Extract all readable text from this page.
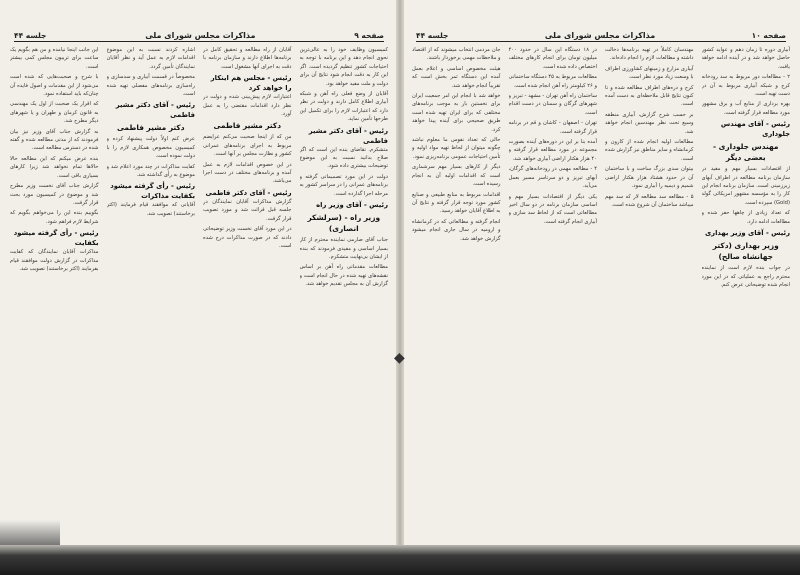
صفحه ۹
مذاکرات مجلس شورای ملی
جلسه ۴۴
کمیسیون وظایف خود را به عالی‌ترین نحوی انجام دهد و این برنامه با توجه به احتیاجات کشور تنظیم گردیده است. اگر این کار به دقت انجام شود نتایج آن برای دولت و ملت مفید خواهد بود.
آقایان از وضع فعلی راه آهن و شبکه آبیاری اطلاع کامل دارند و دولت در نظر دارد که اعتبارات لازم را برای تکمیل این طرحها تأمین نماید.
رئیس - آقای دکتر مشیر فاطمی
متشکرم. تقاضای بنده این است که اگر صلاح بدانید نسبت به این موضوع توضیحات بیشتری داده شود.
دولت در این مورد تصمیماتی گرفته و برنامه‌های عمرانی را در سراسر کشور به مرحله اجرا گذارده است.
رئیس - آقای وزیر راه
وزیر راه - (سرلشکر انصاری)
جناب آقای صارمی نماینده محترم از کار بسیار اساسی و مفیدی فرمودند که بنده از ایشان بی‌نهایت متشکرم.
مطالعات مقدماتی راه آهن بر اساس نقشه‌های تهیه شده در حال انجام است و گزارش آن به مجلس تقدیم خواهد شد.
آقایان از راه مطالعه و تحقیق کامل در برنامه‌ها اطلاع دارند و سازمان برنامه با دقت به اجرای آنها مشغول است.
رئیس - مجلس هم اینکار را خواهد کرد
اعتبارات لازم پیش‌بینی شده و دولت در نظر دارد اقدامات مقتضی را به عمل آورد.
دکتر مشیر فاطمی
من که از اینجا صحبت می‌کنم عرایضم مربوط به اجرای برنامه‌های عمرانی کشور و نظارت مجلس بر آنها است.
در این خصوص اقدامات لازم به عمل آمده و برنامه‌های مختلف در دست اجرا می‌باشد.
رئیس - آقای دکتر فاطمی
گزارش مذاکرات آقایان نمایندگان در جلسه قبل قرائت شد و مورد تصویب قرار گرفت.
در این مورد آقای نخست وزیر توضیحاتی دادند که در صورت مذاکرات درج شده است.
اشاره کردند نسبت به این موضوع اقدامات لازم به عمل آید و نظر آقایان نمایندگان تأمین گردد.
مخصوصاً در قسمت آبیاری و سدسازی و راه‌سازی برنامه‌های مفصلی تهیه شده است.
رئیس - آقای دکتر مشیر فاطمی
دکتر مشیر فاطمی
عرض کنم اولاً دولت پیشنهاد کرده و کمیسیون مخصوص همکاری لازم را با دولت نموده است.
کفایت مذاکرات در چند مورد اعلام شد و موضوع به رأی گذاشته شد.
رئیس - رأی گرفته میشود بکفایت مذاکرات
آقایانی که موافقند قیام فرمایند (اکثر برخاستند) تصویب شد.
این جانب اینجا نیامده و من هم بگویم یک ساعت برای تریبون مجلس کمی بیشتر است.
با شرح و صحبت‌هایی که شده است می‌شود از این مقدمات و اصول فایده آن چنان‌که باید استفاده نمود.
که اقرار یک صحبت از اول یک مهندسی به قانون کرمان و طهران و یا شهرهای دیگر مطرح شد.
به گزارش جناب آقای وزیر نیز بیان فرمودند که از مدتی مطالعه شده و گفته شده در دسترس مطالعه است.
بنده عرض میکنم که این مطالعه حالا حالاها تمام نخواهد شد زیرا کارهای بسیاری باقی است.
گزارش جناب آقای نخست وزیر مطرح شد و موضوع در کمیسیون مورد بحث قرار گرفت.
بگوییم بنده این را می‌خواهم بگویم که شرایط لازم فراهم شود.
رئیس - رأی گرفته میشود بکفایت
مذاکرات آقایان نمایندگان که کفایت مذاکرات در گزارش دولت موافقند قیام بفرمایند (اکثر برخاستند) تصویب شد.
◆
صفحه ۱۰
مذاکرات مجلس شورای ملی
جلسه ۴۴
آبیاری دوره تا زمان دهم و عواید کشور حاصل خواهد شد و در آینده ادامه خواهد یافت.
۲ - مطالعات دور مربوط به سد رودخانه کرج و شبکه آبیاری مربوط به آن در دست تهیه است.
بهره برداری از منابع آب و برق مشهور مورد مطالعه قرار گرفته است.
رئیس - آقای مهندس جلوداری
مهندس جلوداری - بعضی دیگر
از اقتصادات بسیار مهم و مفید در سازمان برنامه مطالعه در اطراف آبهای زیرزمینی است. سازمان برنامه انجام این کار را به مؤسسه مشهور امریکائی گولد (Gold) سپرده است.
که تعداد زیادی از چاهها حفر شده و مطالعات ادامه دارد.
رئیس - آقای وزیر بهداری
وزیر بهداری (دکتر جهانشاه صالح)
در جواب بنده لازم است از نماینده محترم راجع به عملیاتی که در این مورد انجام شده توضیحاتی عرض کنم.
مهندسان کاملاً در تهیه برنامه‌ها دخالت داشته و مطالعات لازم را انجام داده‌اند.
آبیاری مزارع و زمینهای کشاورزی اطراف با وسعت زیاد مورد نظر است.
کرج و دره‌های اطراف مطالعه شده و تا کنون نتایج قابل ملاحظه‌ای به دست آمده است.
بر حسب شرح گزارش، آبیاری منطقه وسیع تحت نظر مهندسین انجام خواهد شد.
مطالعات اولیه انجام شده از کارون و کرمانشاه و سایر مناطق نیز گزارش شده است.
بیتوان سدی بزرگ ساخت و با ساختمان آن در حدود هشتاد هزار هکتار اراضی شمیم و دیمیه را آبیاری نمود.
۵ - مطالعه سد مطالعه لار که سد مهم میباشد ساختمان آن شروع شده است.
در ۱۸ دستگاه این سال در حدود ۴۰۰ میلیون تومان برای انجام کارهای مختلف اختصاص داده شده است.
مطالعات مربوط به ۴۵ دستگاه ساختمانی و ۲۶ کیلومتر راه آهن انجام شده است.
ساختمان راه آهن تهران - مشهد - تبریز و شهرهای گرگان و سمنان در دست اقدام است.
تهران - اصفهان - کاشان و قم در برنامه قرار گرفته است.
آمده بنا بر این در دوره‌های آینده بصورت مجموعه در مورد مطالعه قرار گرفته و ۴۰ هزار هکتار اراضی آبیاری خواهد شد.
۴ - مطالعه مهمی در رودخانه‌های گرگان، آبهای تبریز و دو سرتاسر مسیر بعمل می‌آید.
یکی دیگر از اقتصادات بسیار مهم و اساسی سازمان برنامه در دو سال اخیر مطالعاتی است که از لحاظ سد سازی و آبیاری انجام گرفته است.
جان مردمی انتخاب میشوند که از اقتصاد و ملاحظات مهمی برخوردار باشند.
هیئت مخصوص اساسی و اعلام بعمل آمده این دستگاه ثمر بخش است که تقریباً انجام خواهد شد.
خواهد شد با انجام این امر جمعیت ایران برای نخستین بار به موجب برنامه‌های مختلفی که برای ایران تهیه شده است طریق صحیحی برای آینده پیدا خواهد کرد.
حالی که تعداد نفوس ما معلوم نباشد چگونه میتوان از لحاظ تهیه مواد اولیه و تأمین احتیاجات عمومی برنامه‌ریزی نمود.
دیگر از کارهای بسیار مهم سرشماری است که اقدامات اولیه آن به انجام رسیده است.
اقدامات مربوط به منابع طبیعی و صنایع کشور مورد توجه قرار گرفته و نتایج آن به اطلاع آقایان خواهد رسید.
انجام گرفته و مطالعاتی که در کرمانشاه و ارومیه در سال جاری انجام میشود گزارش خواهد شد.
